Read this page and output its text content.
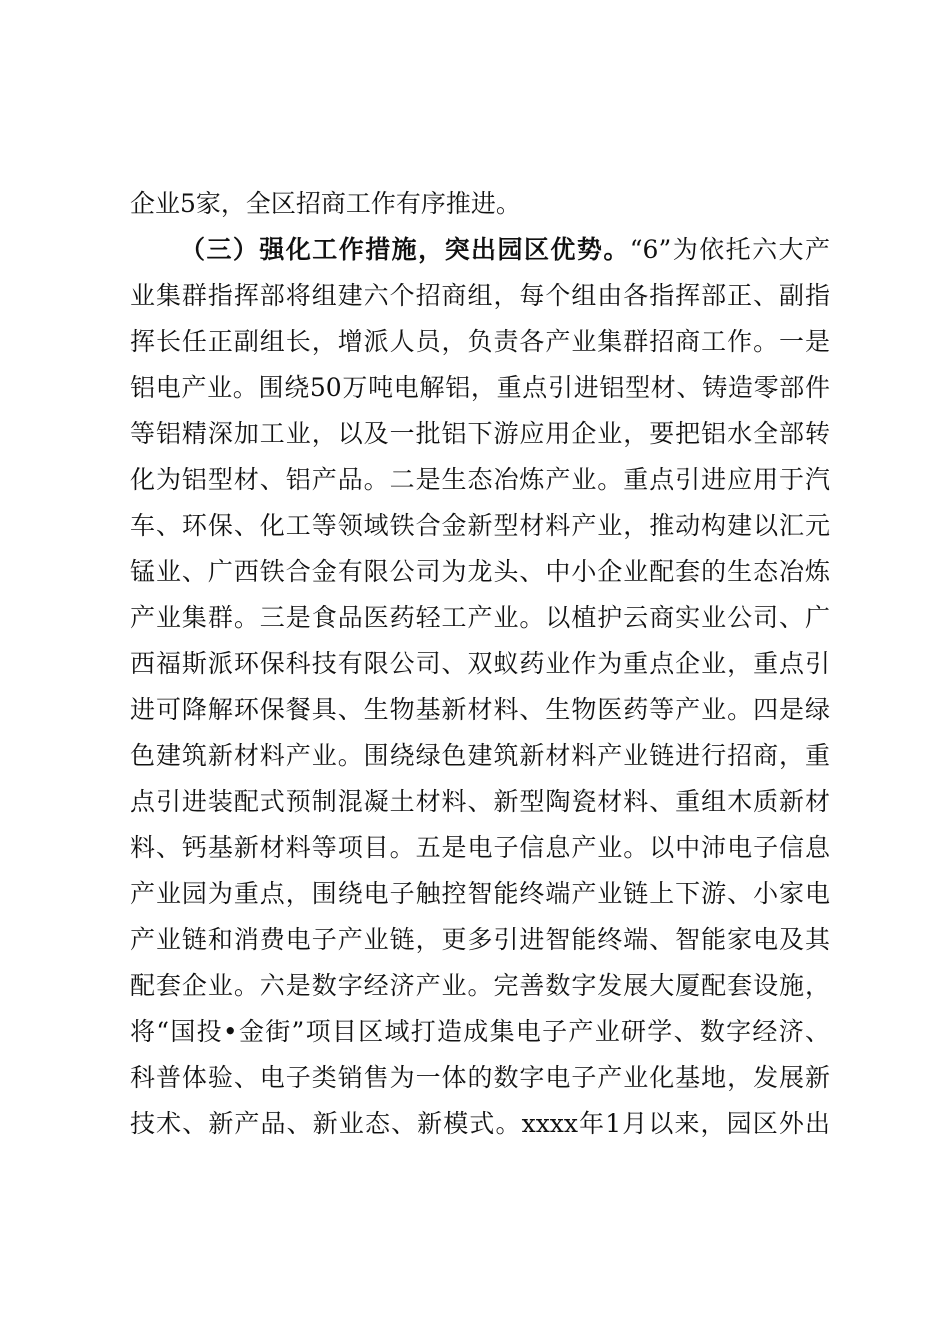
企业5家，全区招商工作有序推进。
（三）强化工作措施，突出园区优势。“6”为依托六大产
业集群指挥部将组建六个招商组，每个组由各指挥部正、副指
挥长任正副组长，增派人员，负责各产业集群招商工作。一是
铝电产业。围绕50万吨电解铝，重点引进铝型材、铸造零部件
等铝精深加工业，以及一批铝下游应用企业，要把铝水全部转
化为铝型材、铝产品。二是生态冶炼产业。重点引进应用于汽
车、环保、化工等领域铁合金新型材料产业，推动构建以汇元
锰业、广西铁合金有限公司为龙头、中小企业配套的生态冶炼
产业集群。三是食品医药轻工产业。以植护云商实业公司、广
西福斯派环保科技有限公司、双蚁药业作为重点企业，重点引
进可降解环保餐具、生物基新材料、生物医药等产业。四是绿
色建筑新材料产业。围绕绿色建筑新材料产业链进行招商，重
点引进装配式预制混凝土材料、新型陶瓷材料、重组木质新材
料、钙基新材料等项目。五是电子信息产业。以中沛电子信息
产业园为重点，围绕电子触控智能终端产业链上下游、小家电
产业链和消费电子产业链，更多引进智能终端、智能家电及其
配套企业。六是数字经济产业。完善数字发展大厦配套设施，
将“国投•金街”项目区域打造成集电子产业研学、数字经济、
科普体验、电子类销售为一体的数字电子产业化基地，发展新
技术、新产品、新业态、新模式。xxxx年1月以来，园区外出
